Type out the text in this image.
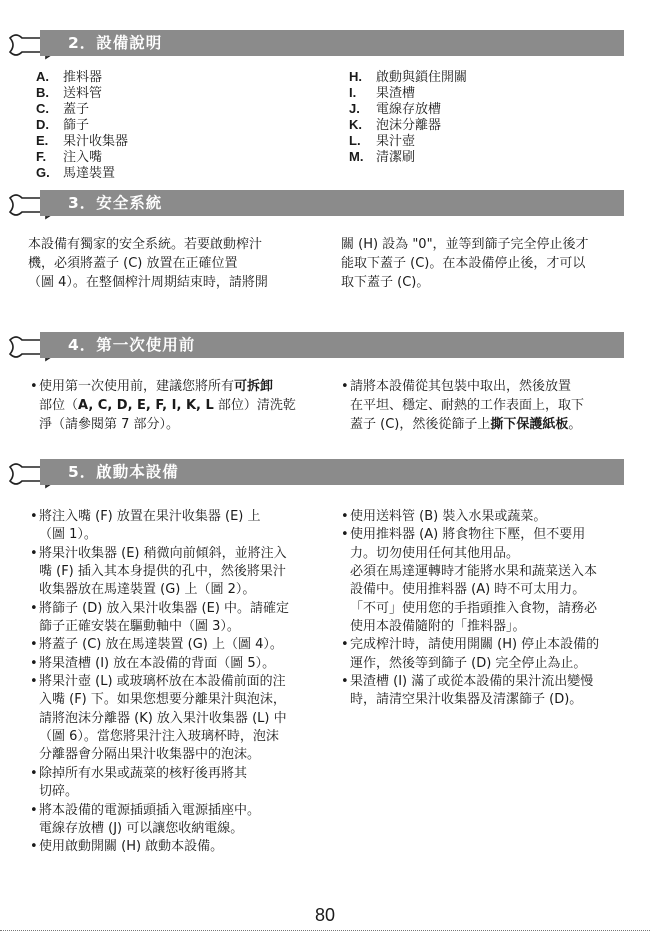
2．設備說明
A. 推料器
B. 送料管
C. 蓋子
D. 篩子
E. 果汁收集器
F. 注入嘴
G. 馬達裝置
H. 啟動與鎖住開關
I. 果渣槽
J. 電線存放槽
K. 泡沫分離器
L. 果汁壺
M. 清潔刷
3．安全系統
本設備有獨家的安全系統。若要啟動榨汁
機，必須將蓋子 (C) 放置在正確位置
（圖 4）。在整個榨汁周期結束時，請將開
關 (H) 設為 "0"，並等到篩子完全停止後才
能取下蓋子 (C)。在本設備停止後，才可以
取下蓋子 (C)。
4．第一次使用前
• 使用第一次使用前，建議您將所有可拆卸
部位（A, C, D, E, F, I, K, L 部位）清洗乾
淨（請參閱第 7 部分）。
• 請將本設備從其包裝中取出，然後放置
在平坦、穩定、耐熱的工作表面上，取下
蓋子 (C)，然後從篩子上撕下保護紙板。
5．啟動本設備
• 將注入嘴 (F) 放置在果汁收集器 (E) 上
（圖 1）。
• 將果汁收集器 (E) 稍微向前傾斜，並將注入
嘴 (F) 插入其本身提供的孔中，然後將果汁
收集器放在馬達裝置 (G) 上（圖 2）。
• 將篩子 (D) 放入果汁收集器 (E) 中。請確定
篩子正確安裝在驅動軸中（圖 3）。
• 將蓋子 (C) 放在馬達裝置 (G) 上（圖 4）。
• 將果渣槽 (I) 放在本設備的背面（圖 5）。
• 將果汁壺 (L) 或玻璃杯放在本設備前面的注
入嘴 (F) 下。如果您想要分離果汁與泡沫，
請將泡沫分離器 (K) 放入果汁收集器 (L) 中
（圖 6）。當您將果汁注入玻璃杯時，泡沫
分離器會分隔出果汁收集器中的泡沫。
• 除掉所有水果或蔬菜的核籽後再將其
切碎。
• 將本設備的電源插頭插入電源插座中。
電線存放槽 (J) 可以讓您收納電線。
• 使用啟動開關 (H) 啟動本設備。
• 使用送料管 (B) 裝入水果或蔬菜。
• 使用推料器 (A) 將食物往下壓，但不要用
力。切勿使用任何其他用品。
必須在馬達運轉時才能將水果和蔬菜送入本
設備中。使用推料器 (A) 時不可太用力。
「不可」使用您的手指頭推入食物，請務必
使用本設備隨附的「推料器」。
• 完成榨汁時，請使用開關 (H) 停止本設備的
運作，然後等到篩子 (D) 完全停止為止。
• 果渣槽 (I) 滿了或從本設備的果汁流出變慢
時，請清空果汁收集器及清潔篩子 (D)。
80
